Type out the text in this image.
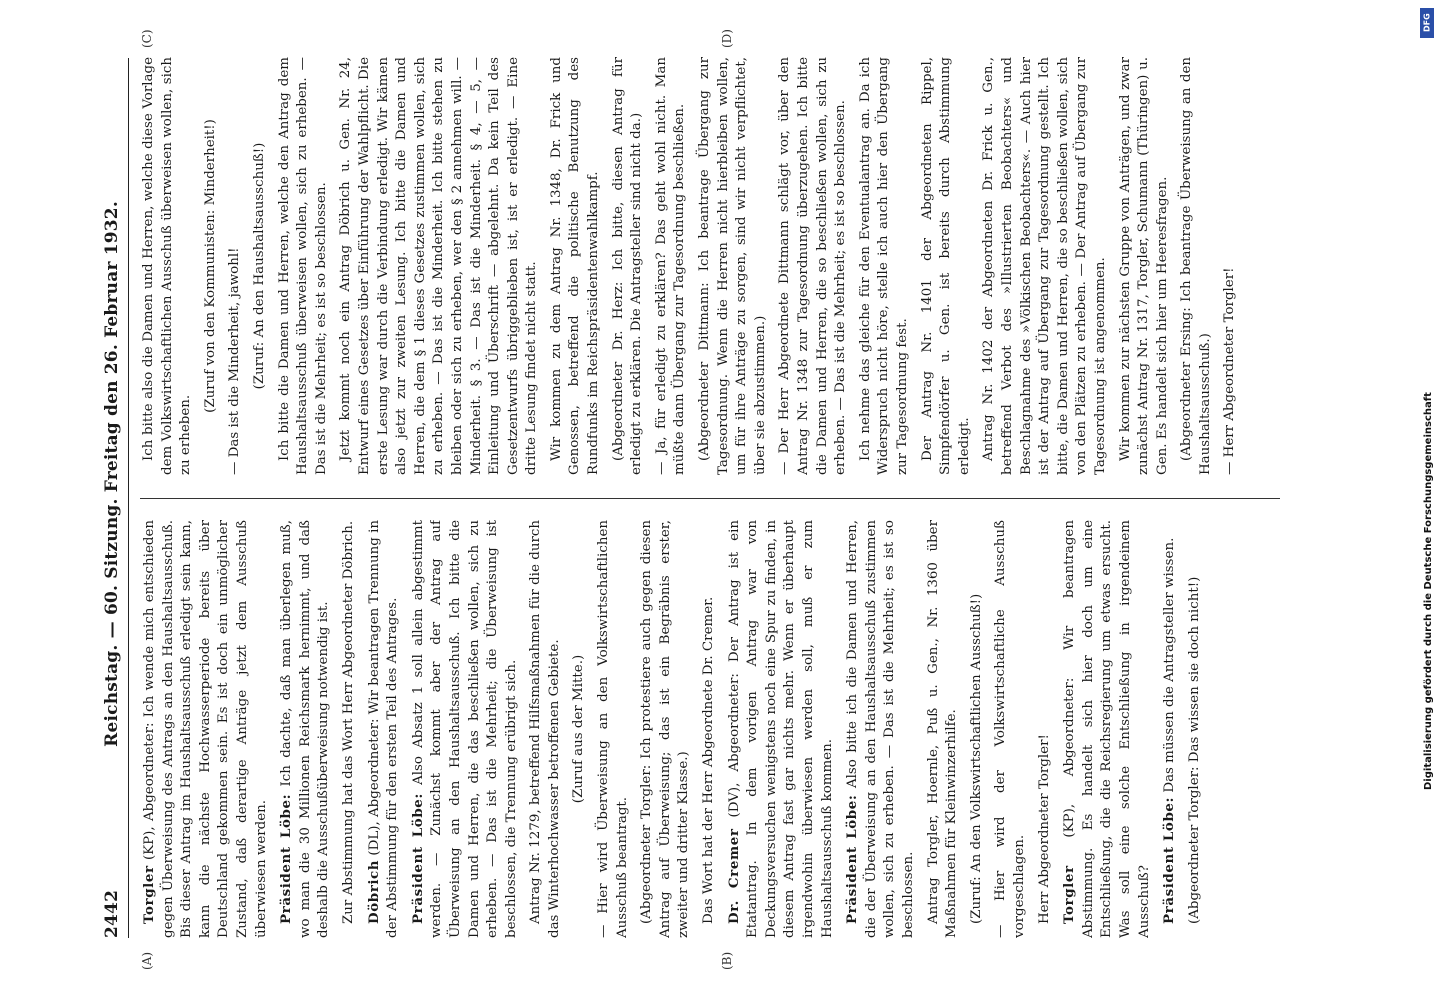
2442
Reichstag. — 60. Sitzung. Freitag den 26. Februar 1932.

Torgler (KP), Abgeordneter: Ich wende mich entschieden gegen Überweisung des Antrags an den Haushaltsausschuß. Bis dieser Antrag im Haushaltsausschuß erledigt sein kann, kann die nächste Hochwasserperiode bereits über Deutschland gekommen sein. Es ist doch ein unmöglicher Zustand, daß derartige Anträge jetzt dem Ausschuß überwiesen werden. Präsident Löbe: Ich dachte, daß man überlegen muß, wo man die 30 Millionen Reichsmark hernimmt, und daß deshalb die Ausschußüberweisung notwendig ist. Zur Abstimmung hat das Wort Herr Abgeordneter Döbrich. Döbrich (DL), Abgeordneter: Wir beantragen Trennung in der Abstimmung für den ersten Teil des Antrages. Präsident Löbe: Also Absatz 1 soll allein abgestimmt werden. — Zunächst kommt aber der Antrag auf Überweisung an den Haushaltsausschuß. Ich bitte die Damen und Herren, die das beschließen wollen, sich zu erheben. — Das ist die Mehrheit; die Überweisung ist beschlossen, die Trennung erübrigt sich. Antrag Nr. 1279, betreffend Hilfsmaßnahmen für die durch das Winterhochwasser betroffenen Gebiete. (Zuruf aus der Mitte.) — Hier wird Überweisung an den Volkswirtschaftlichen Ausschuß beantragt. (Abgeordneter Torgler: Ich protestiere auch gegen diesen Antrag auf Überweisung; das ist ein Begräbnis erster, zweiter und dritter Klasse.) Das Wort hat der Herr Abgeordnete Dr. Cremer. Dr. Cremer (DV), Abgeordneter: Der Antrag ist ein Etatantrag. In dem vorigen Antrag war von Deckungsversuchen wenigstens noch eine Spur zu finden, in diesem Antrag fast gar nichts mehr. Wenn er überhaupt irgendwohin überwiesen werden soll, muß er zum Haushaltsausschuß kommen. Präsident Löbe: Also bitte ich die Damen und Herren, die der Überweisung an den Haushaltsausschuß zustimmen wollen, sich zu erheben. — Das ist die Mehrheit; es ist so beschlossen. Antrag Torgler, Hoernle, Puß u. Gen., Nr. 1360 über Maßnahmen für Kleinwinzerhilfe. (Zuruf: An den Volkswirtschaftlichen Ausschuß!) — Hier wird der Volkswirtschaftliche Ausschuß vorgeschlagen. Herr Abgeordneter Torgler! Torgler (KP), Abgeordneter: Wir beantragen Abstimmung. Es handelt sich hier doch um eine Entschließung, die die Reichsregierung um etwas ersucht. Was soll eine solche Entschließung in irgendeinem Ausschuß? Präsident Löbe: Das müssen die Antragsteller wissen. (Abgeordneter Torgler: Das wissen sie doch nicht!)

Ich bitte also die Damen und Herren, welche diese Vorlage dem Volkswirtschaftlichen Ausschuß überweisen wollen, sich zu erheben.

(Zuruf von den Kommunisten: Minderheit!) — Das ist die Minderheit, jawohl! (Zuruf: An den Haushaltsausschuß!) Ich bitte die Damen und Herren, welche den Antrag dem Haushaltsausschuß überweisen wollen, sich zu erheben. — Das ist die Mehrheit; es ist so beschlossen. Jetzt kommt noch ein Antrag Döbrich u. Gen. Nr. 24, Entwurf eines Gesetzes über Einführung der Wahlpflicht. Die erste Lesung war durch die Verbindung erledigt. Wir kämen also jetzt zur zweiten Lesung. Ich bitte die Damen und Herren, die dem § 1 dieses Gesetzes zustimmen wollen, sich zu erheben. — Das ist die Minderheit. Ich bitte stehen zu bleiben oder sich zu erheben, wer den § 2 annehmen will. — Minderheit. § 3. — Das ist die Minderheit. § 4, — 5, — Einleitung und Überschrift — abgelehnt. Da kein Teil des Gesetzentwurfs übriggeblieben ist, ist er erledigt. — Eine dritte Lesung findet nicht statt. Wir kommen zu dem Antrag Nr. 1348, Dr. Frick und Genossen, betreffend die politische Benutzung des Rundfunks im Reichspräsidentenwahlkampf. (Abgeordneter Dr. Herz: Ich bitte, diesen Antrag für erledigt zu erklären. Die Antragsteller sind nicht da.) — Ja, für erledigt zu erklären? Das geht wohl nicht. Man müßte dann Übergang zur Tagesordnung beschließen. (Abgeordneter Dittmann: Ich beantrage Übergang zur Tagesordnung. Wenn die Herren nicht hierbleiben wollen, um für ihre Anträge zu sorgen, sind wir nicht verpflichtet, über sie abzustimmen.) — Der Herr Abgeordnete Dittmann schlägt vor, über den Antrag Nr. 1348 zur Tagesordnung überzugehen. Ich bitte die Damen und Herren, die so beschließen wollen, sich zu erheben. — Das ist die Mehrheit; es ist so beschlossen. Ich nehme das gleiche für den Eventualantrag an. Da ich Widerspruch nicht höre, stelle ich auch hier den Übergang zur Tagesordnung fest. Der Antrag Nr. 1401 der Abgeordneten Rippel, Simpfendörfer u. Gen. ist bereits durch Abstimmung erledigt. Antrag Nr. 1402 der Abgeordneten Dr. Frick u. Gen., betreffend Verbot des »Illustrierten Beobachters« und Beschlagnahme des »Völkischen Beobachters«. — Auch hier ist der Antrag auf Übergang zur Tagesordnung gestellt. Ich bitte, die Damen und Herren, die so beschließen wollen, sich von den Plätzen zu erheben. — Der Antrag auf Übergang zur Tagesordnung ist angenommen. Wir kommen zur nächsten Gruppe von Anträgen, und zwar zunächst Antrag Nr. 1317, Torgler, Schumann (Thüringen) u. Gen. Es handelt sich hier um Heeresfragen. (Abgeordneter Ersing: Ich beantrage Überweisung an den Haushaltsausschuß.) — Herr Abgeordneter Torgler!

(A)	(B)
(C)	(D)
DFG
Digitalisierung gefördert durch die Deutsche Forschungsgemeinschaft
